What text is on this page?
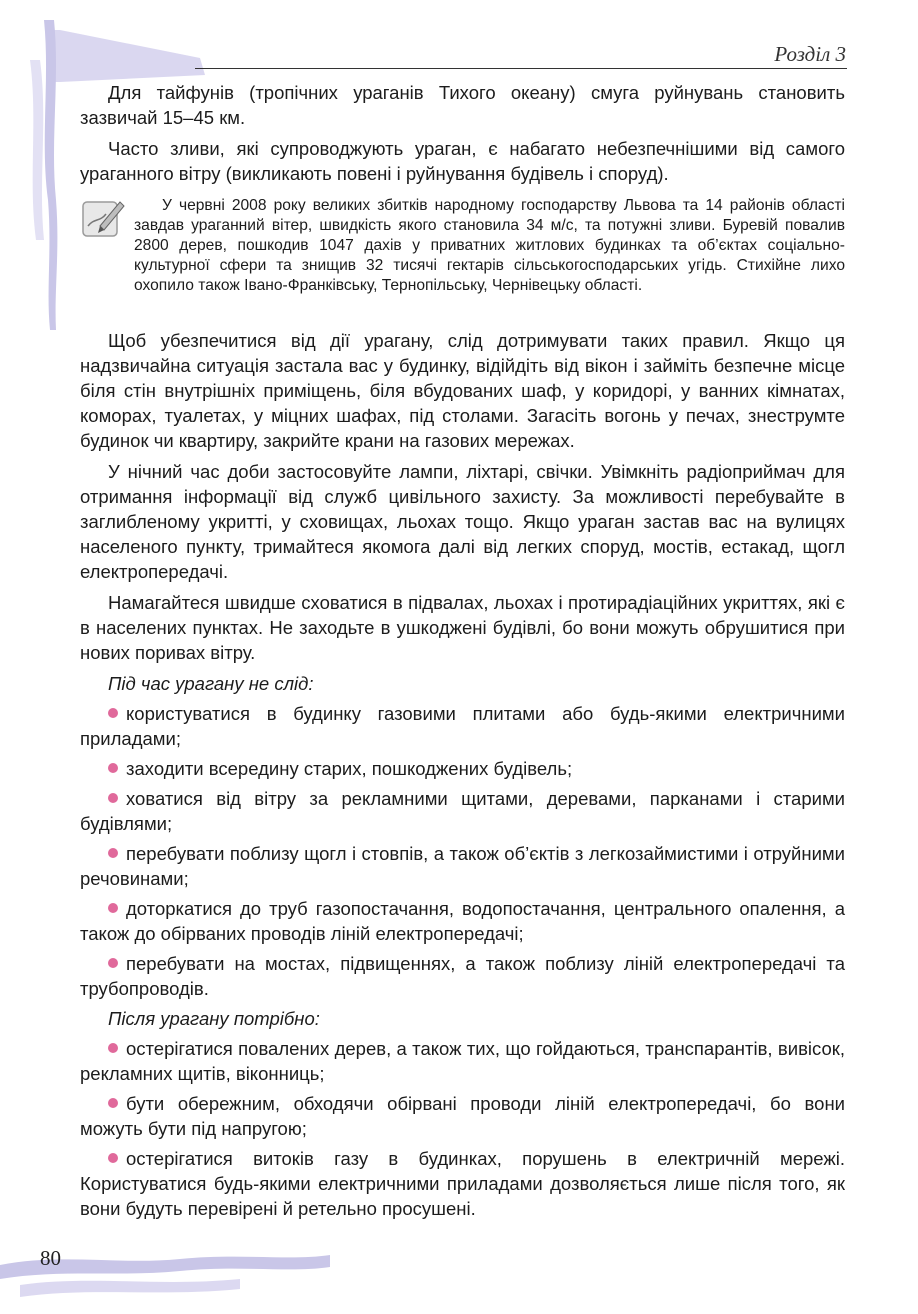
Розділ 3

Для тайфунів (тропічних ураганів Тихого океану) смуга руйнувань становить зазвичай 15–45 км.

Часто зливи, які супроводжують ураган, є набагато небезпечнішими від самого ураганного вітру (викликають повені і руйнування будівель і споруд).

У червні 2008 року великих збитків народному господарству Львова та 14 районів області завдав ураганний вітер, швидкість якого становила 34 м/с, та потужні зливи. Буревій повалив 2800 дерев, пошкодив 1047 дахів у приватних житлових будинках та об’єктах соціально-культурної сфери та знищив 32 тисячі гектарів сільськогосподарських угідь. Стихійне лихо охопило також Івано-Франківську, Тернопільську, Чернівецьку області.

Щоб убезпечитися від дії урагану, слід дотримувати таких правил. Якщо ця надзвичайна ситуація застала вас у будинку, відійдіть від вікон і займіть безпечне місце біля стін внутрішніх приміщень, біля вбудованих шаф, у коридорі, у ванних кімнатах, коморах, туалетах, у міцних шафах, під столами. Загасіть вогонь у печах, знеструмте будинок чи квартиру, закрийте крани на газових мережах.

У нічний час доби застосовуйте лампи, ліхтарі, свічки. Увімкніть радіоприймач для отримання інформації від служб цивільного захисту. За можливості перебувайте в заглибленому укритті, у сховищах, льохах тощо. Якщо ураган застав вас на вулицях населеного пункту, тримайтеся якомога далі від легких споруд, мостів, естакад, щогл електропередачі.

Намагайтеся швидше сховатися в підвалах, льохах і протирадіаційних укриттях, які є в населених пунктах. Не заходьте в ушкоджені будівлі, бо вони можуть обрушитися при нових поривах вітру.

Під час урагану не слід:
користуватися в будинку газовими плитами або будь-якими електричними приладами;
заходити всередину старих, пошкоджених будівель;
ховатися від вітру за рекламними щитами, деревами, парканами і старими будівлями;
перебувати поблизу щогл і стовпів, а також об’єктів з легкозаймистими і отруйними речовинами;
доторкатися до труб газопостачання, водопостачання, центрального опалення, а також до обірваних проводів ліній електропередачі;
перебувати на мостах, підвищеннях, а також поблизу ліній електропередачі та трубопроводів.
Після урагану потрібно:
остерігатися повалених дерев, а також тих, що гойдаються, транспарантів, вивісок, рекламних щитів, віконниць;
бути обережним, обходячи обірвані проводи ліній електропередачі, бо вони можуть бути під напругою;
остерігатися витоків газу в будинках, порушень в електричній мережі. Користуватися будь-якими електричними приладами дозволяється лише після того, як вони будуть перевірені й ретельно просушені.
80
